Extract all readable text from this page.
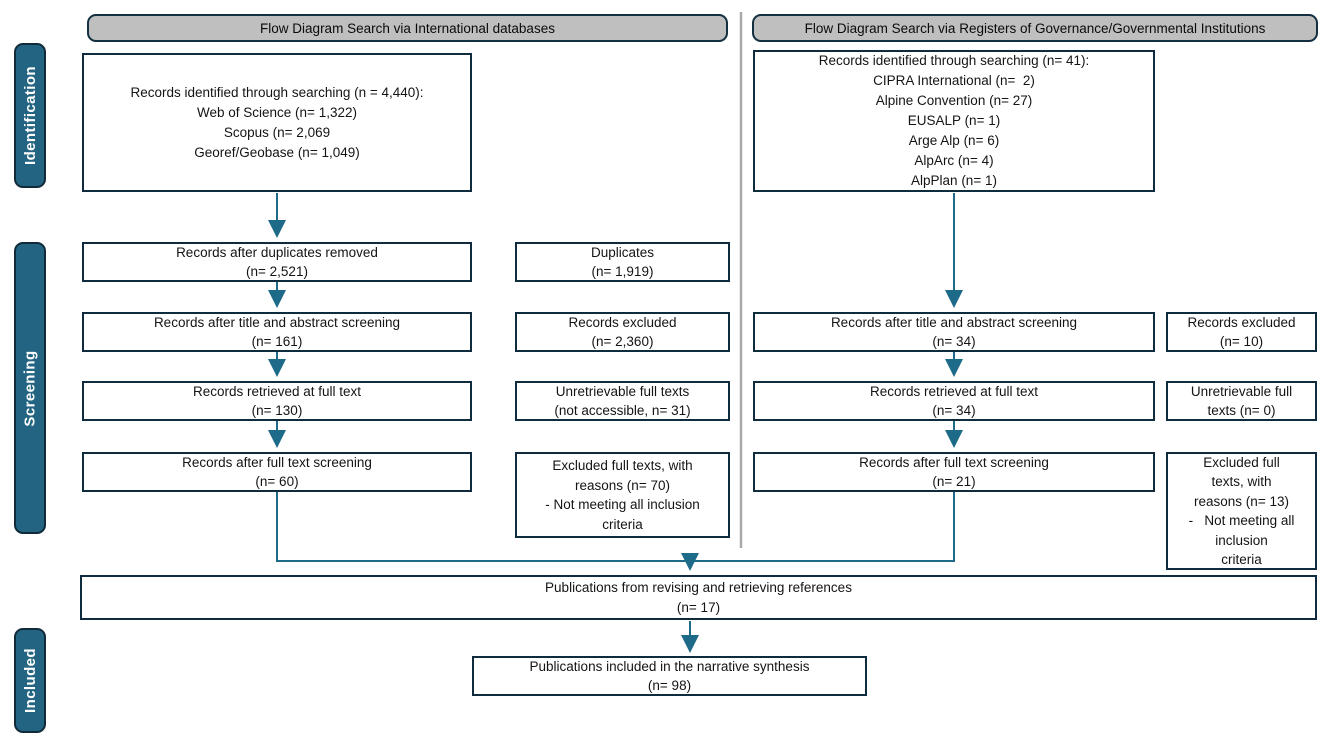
Identification
Screening
Included
Flow Diagram Search via International databases	Flow Diagram Search via Registers of Governance/Governmental Institutions
Records identified through searching (n = 4,440):
Web of Science (n= 1,322)
Scopus (n= 2,069
Georef/Geobase (n= 1,049)
Records after duplicates removed
(n= 2,521)
Duplicates
(n= 1,919)
Records after title and abstract screening
(n= 161)
Records excluded
(n= 2,360)
Records retrieved at full text
(n= 130)
Unretrievable full texts
(not accessible, n= 31)
Records after full text screening
(n= 60)
Excluded full texts, with
reasons (n= 70)
- Not meeting all inclusion
criteria
Records identified through searching (n= 41):
CIPRA International (n=  2)
Alpine Convention (n= 27)
EUSALP (n= 1)
Arge Alp (n= 6)
AlpArc (n= 4)
AlpPlan (n= 1)
Records after title and abstract screening
(n= 34)
Records excluded
(n= 10)
Records retrieved at full text
(n= 34)
Unretrievable full
texts (n= 0)
Records after full text screening
(n= 21)
Excluded full
texts, with
reasons (n= 13)
-   Not meeting all
inclusion
criteria
Publications from revising and retrieving references
(n= 17)
Publications included in the narrative synthesis
(n= 98)
